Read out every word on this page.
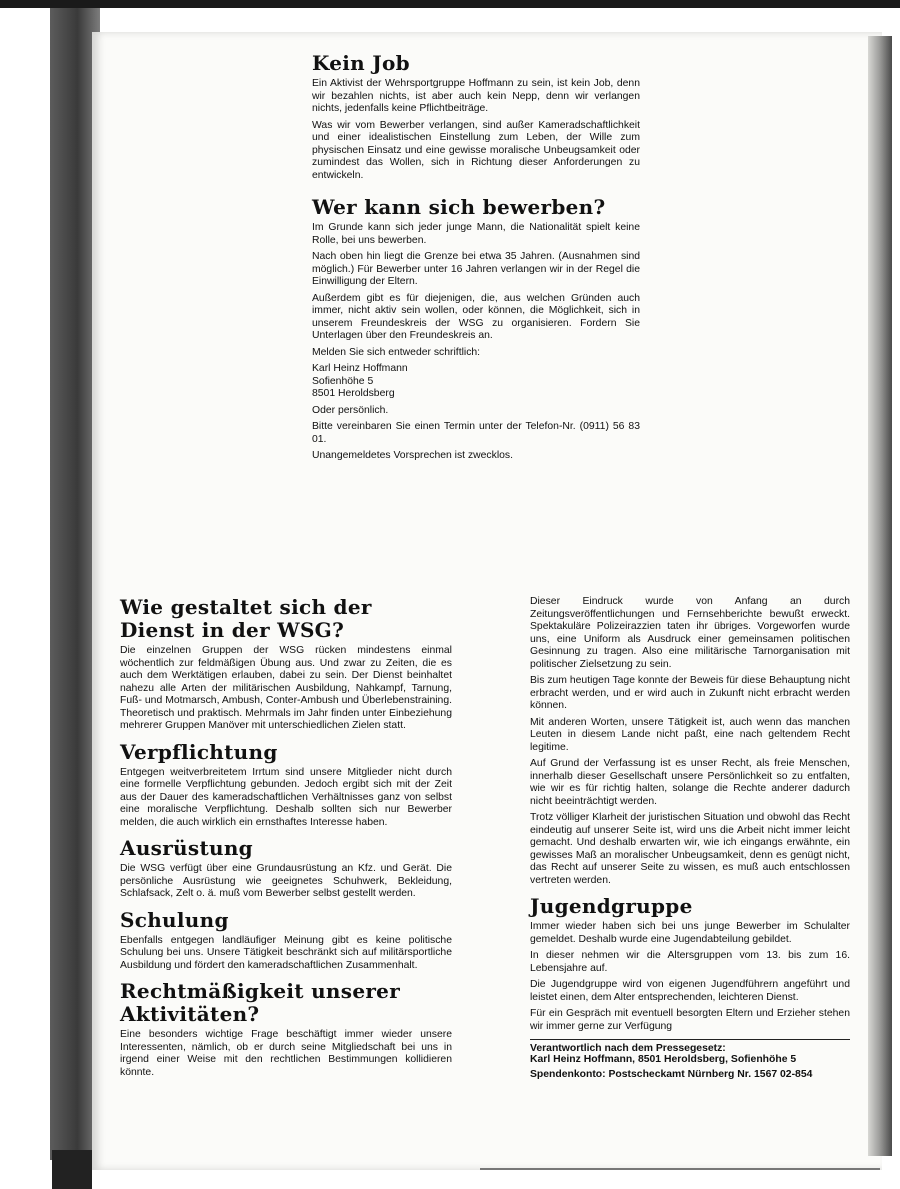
Kein Job

Ein Aktivist der Wehrsportgruppe Hoffmann zu sein, ist kein Job, denn wir bezahlen nichts, ist aber auch kein Nepp, denn wir verlangen nichts, jedenfalls keine Pflichtbeiträge.

Was wir vom Bewerber verlangen, sind außer Kameradschaftlichkeit und einer idealistischen Einstellung zum Leben, der Wille zum physischen Einsatz und eine gewisse moralische Unbeugsamkeit oder zumindest das Wollen, sich in Richtung dieser Anforderungen zu entwickeln.

Wer kann sich bewerben?

Im Grunde kann sich jeder junge Mann, die Nationalität spielt keine Rolle, bei uns bewerben.

Nach oben hin liegt die Grenze bei etwa 35 Jahren. (Ausnahmen sind möglich.) Für Bewerber unter 16 Jahren verlangen wir in der Regel die Einwilligung der Eltern.

Außerdem gibt es für diejenigen, die, aus welchen Gründen auch immer, nicht aktiv sein wollen, oder können, die Möglichkeit, sich in unserem Freundeskreis der WSG zu organisieren. Fordern Sie Unterlagen über den Freundeskreis an.

Melden Sie sich entweder schriftlich:

Karl Heinz Hoffmann

Sofienhöhe 5

8501 Heroldsberg

Oder persönlich.

Bitte vereinbaren Sie einen Termin unter der Telefon-Nr. (0911) 56 83 01.

Unangemeldetes Vorsprechen ist zwecklos.

Wie gestaltet sich der Dienst in der WSG?

Die einzelnen Gruppen der WSG rücken mindestens einmal wöchentlich zur feldmäßigen Übung aus. Und zwar zu Zeiten, die es auch dem Werktätigen erlauben, dabei zu sein. Der Dienst beinhaltet nahezu alle Arten der militärischen Ausbildung, Nahkampf, Tarnung, Fuß- und Motmarsch, Ambush, Conter-Ambush und Überlebenstraining. Theoretisch und praktisch. Mehrmals im Jahr finden unter Einbeziehung mehrerer Gruppen Manöver mit unterschiedlichen Zielen statt.

Verpflichtung

Entgegen weitverbreitetem Irrtum sind unsere Mitglieder nicht durch eine formelle Verpflichtung gebunden. Jedoch ergibt sich mit der Zeit aus der Dauer des kameradschaftlichen Verhältnisses ganz von selbst eine moralische Verpflichtung. Deshalb sollten sich nur Bewerber melden, die auch wirklich ein ernsthaftes Interesse haben.

Ausrüstung

Die WSG verfügt über eine Grundausrüstung an Kfz. und Gerät. Die persönliche Ausrüstung wie geeignetes Schuhwerk, Bekleidung, Schlafsack, Zelt o. ä. muß vom Bewerber selbst gestellt werden.

Schulung

Ebenfalls entgegen landläufiger Meinung gibt es keine politische Schulung bei uns. Unsere Tätigkeit beschränkt sich auf militärsportliche Ausbildung und fördert den kameradschaftlichen Zusammenhalt.

Rechtmäßigkeit unserer Aktivitäten?

Eine besonders wichtige Frage beschäftigt immer wieder unsere Interessenten, nämlich, ob er durch seine Mitgliedschaft bei uns in irgend einer Weise mit den rechtlichen Bestimmungen kollidieren könnte.

Dieser Eindruck wurde von Anfang an durch Zeitungsveröffentlichungen und Fernsehberichte bewußt erweckt. Spektakuläre Polizeirazzien taten ihr übriges. Vorgeworfen wurde uns, eine Uniform als Ausdruck einer gemeinsamen politischen Gesinnung zu tragen. Also eine militärische Tarnorganisation mit politischer Zielsetzung zu sein.

Bis zum heutigen Tage konnte der Beweis für diese Behauptung nicht erbracht werden, und er wird auch in Zukunft nicht erbracht werden können.

Mit anderen Worten, unsere Tätigkeit ist, auch wenn das manchen Leuten in diesem Lande nicht paßt, eine nach geltendem Recht legitime.

Auf Grund der Verfassung ist es unser Recht, als freie Menschen, innerhalb dieser Gesellschaft unsere Persönlichkeit so zu entfalten, wie wir es für richtig halten, solange die Rechte anderer dadurch nicht beeinträchtigt werden.

Trotz völliger Klarheit der juristischen Situation und obwohl das Recht eindeutig auf unserer Seite ist, wird uns die Arbeit nicht immer leicht gemacht. Und deshalb erwarten wir, wie ich eingangs erwähnte, ein gewisses Maß an moralischer Unbeugsamkeit, denn es genügt nicht, das Recht auf unserer Seite zu wissen, es muß auch entschlossen vertreten werden.

Jugendgruppe

Immer wieder haben sich bei uns junge Bewerber im Schulalter gemeldet. Deshalb wurde eine Jugendabteilung gebildet.

In dieser nehmen wir die Altersgruppen vom 13. bis zum 16. Lebensjahre auf.

Die Jugendgruppe wird von eigenen Jugendführern angeführt und leistet einen, dem Alter entsprechenden, leichteren Dienst.

Für ein Gespräch mit eventuell besorgten Eltern und Erzieher stehen wir immer gerne zur Verfügung

Verantwortlich nach dem Pressegesetz:

Karl Heinz Hoffmann, 8501 Heroldsberg, Sofienhöhe 5

Spendenkonto: Postscheckamt Nürnberg Nr. 1567 02-854
